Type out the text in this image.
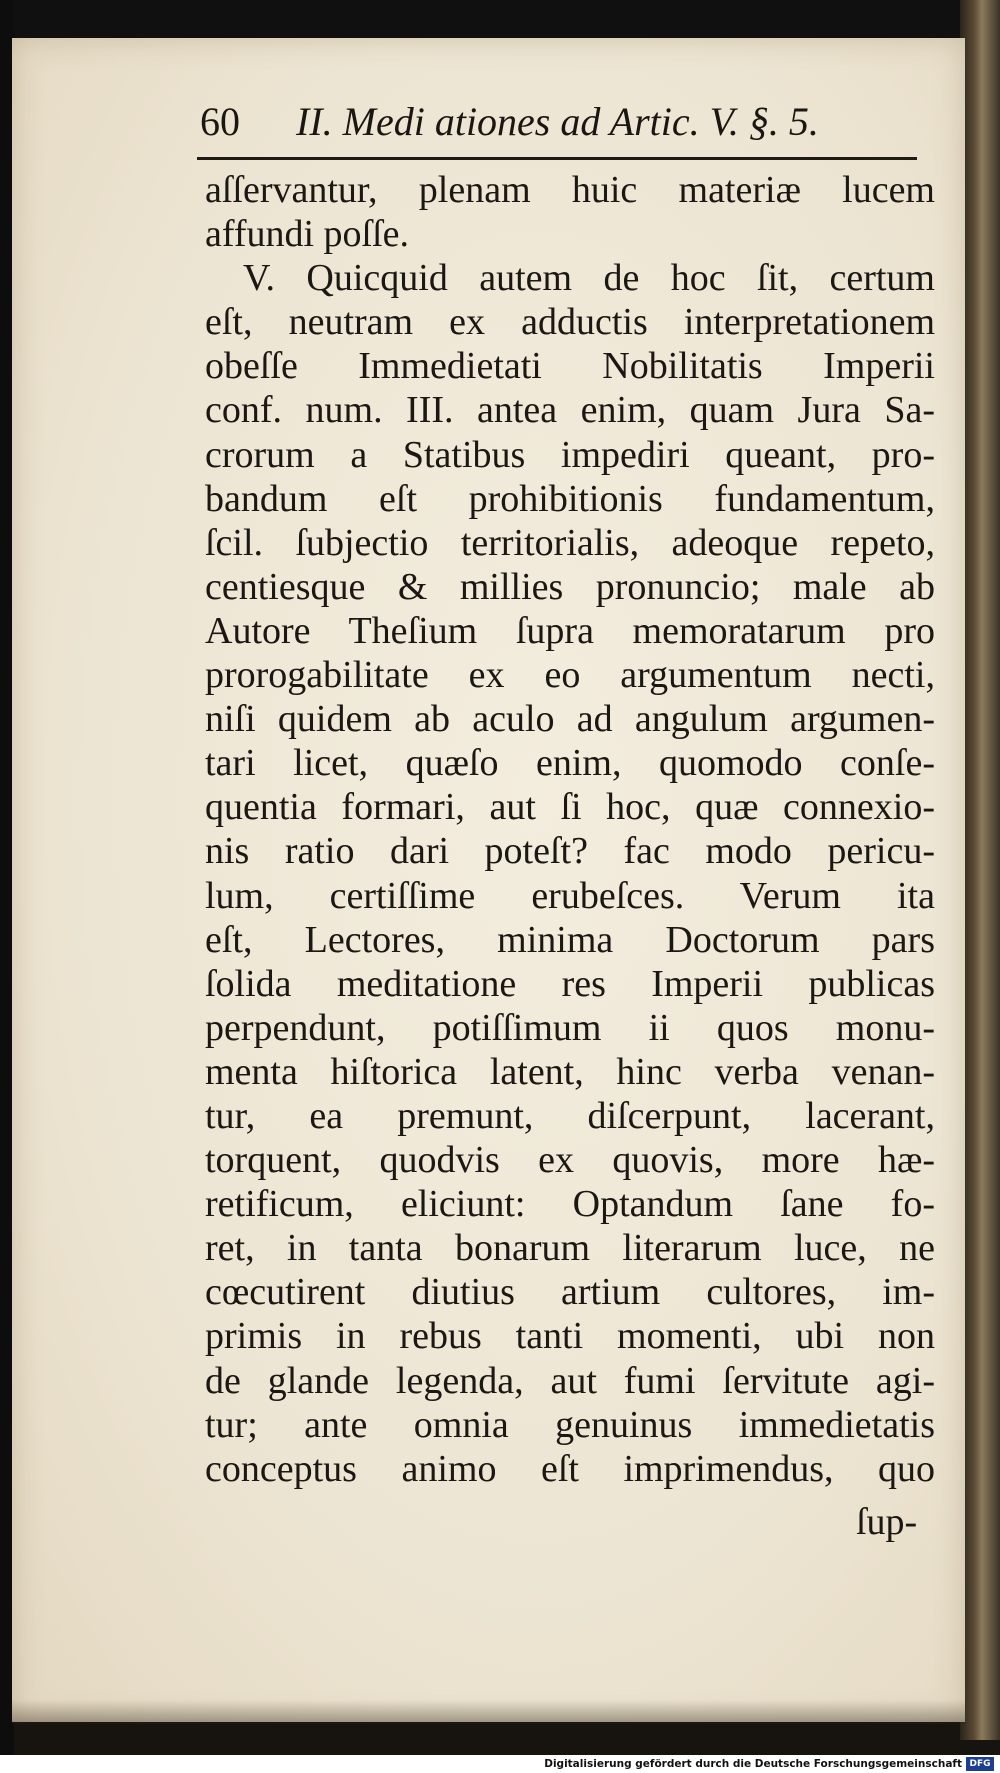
60 II. Medi ationes ad Artic. V. §. 5.
aſſervantur, plenam huic materiæ lucem
affundi poſſe.
V. Quicquid autem de hoc ſit, certum
eſt, neutram ex adductis interpretationem
obeſſe Immedietati Nobilitatis Imperii
conf. num. III. antea enim, quam Jura Sa-
crorum a Statibus impediri queant, pro-
bandum eſt prohibitionis fundamentum,
ſcil. ſubjectio territorialis, adeoque repeto,
centiesque & millies pronuncio; male ab
Autore Theſium ſupra memoratarum pro
prorogabilitate ex eo argumentum necti,
niſi quidem ab aculo ad angulum argumen-
tari licet, quæſo enim, quomodo conſe-
quentia formari, aut ſi hoc, quæ connexio-
nis ratio dari poteſt? fac modo pericu-
lum, certiſſime erubeſces. Verum ita
eſt, Lectores, minima Doctorum pars
ſolida meditatione res Imperii publicas
perpendunt, potiſſimum ii quos monu-
menta hiſtorica latent, hinc verba venan-
tur, ea premunt, diſcerpunt, lacerant,
torquent, quodvis ex quovis, more hæ-
retificum, eliciunt: Optandum ſane fo-
ret, in tanta bonarum literarum luce, ne
cœcutirent diutius artium cultores, im-
primis in rebus tanti momenti, ubi non
de glande legenda, aut fumi ſervitute agi-
tur; ante omnia genuinus immedietatis
conceptus animo eſt imprimendus, quo
ſup-
Digitalisierung gefördert durch die Deutsche Forschungsgemeinschaft DFG
